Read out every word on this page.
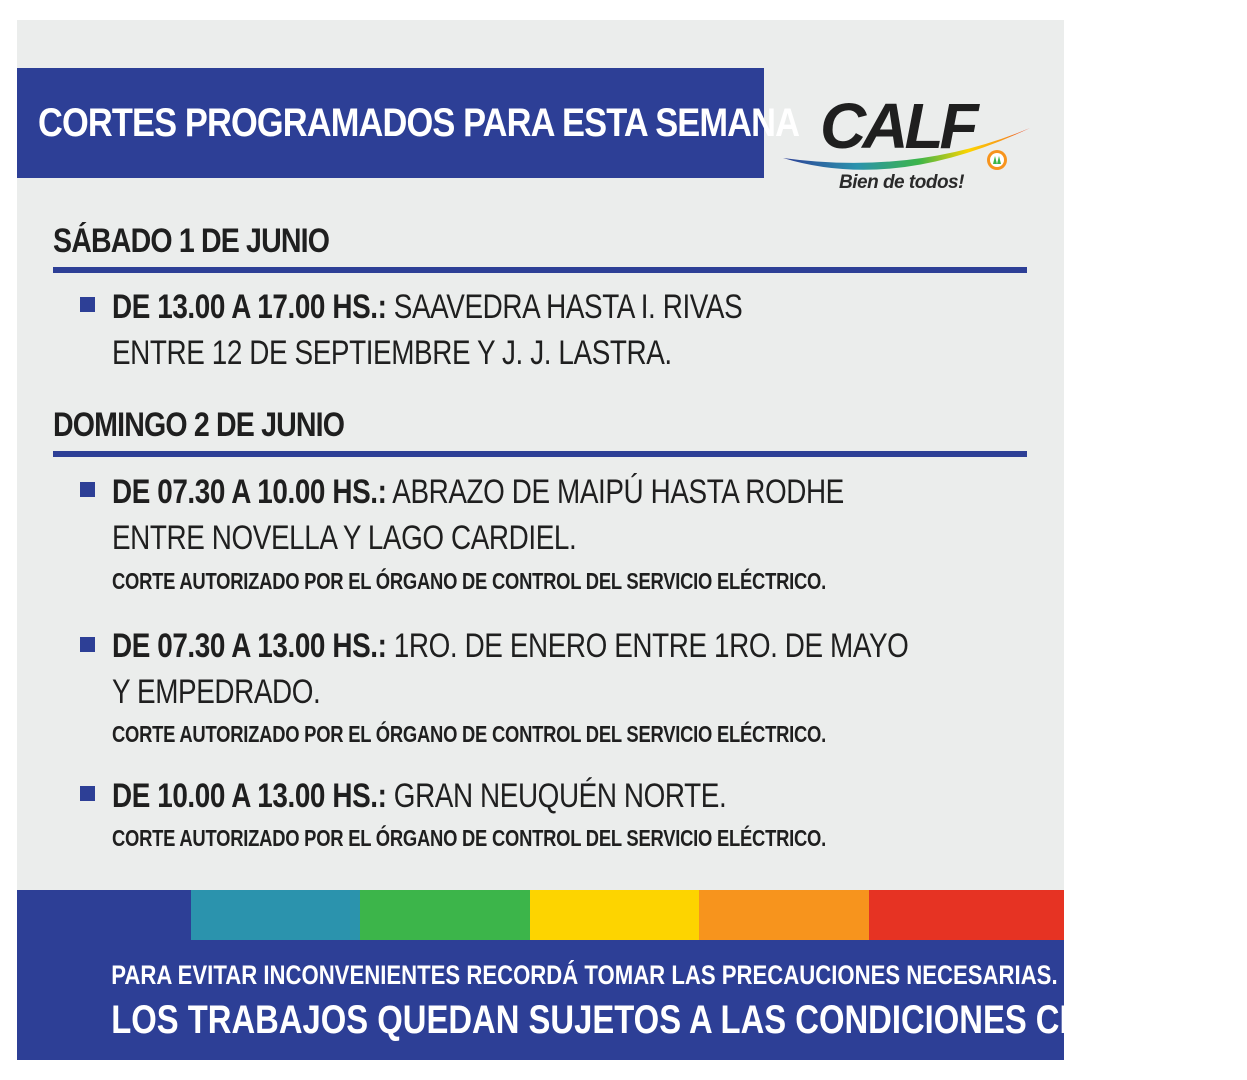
CORTES PROGRAMADOS PARA ESTA SEMANA CALF
Bien de todos!
SÁBADO 1 DE JUNIO
DE 13.00 A 17.00 HS.: SAAVEDRA HASTA I. RIVAS
ENTRE 12 DE SEPTIEMBRE Y J. J. LASTRA.
DOMINGO 2 DE JUNIO
DE 07.30 A 10.00 HS.: ABRAZO DE MAIPÚ HASTA RODHE
ENTRE NOVELLA Y LAGO CARDIEL.
CORTE AUTORIZADO POR EL ÓRGANO DE CONTROL DEL SERVICIO ELÉCTRICO.
DE 07.30 A 13.00 HS.: 1RO. DE ENERO ENTRE 1RO. DE MAYO
Y EMPEDRADO.
CORTE AUTORIZADO POR EL ÓRGANO DE CONTROL DEL SERVICIO ELÉCTRICO.
DE 10.00 A 13.00 HS.: GRAN NEUQUÉN NORTE.
CORTE AUTORIZADO POR EL ÓRGANO DE CONTROL DEL SERVICIO ELÉCTRICO.
PARA EVITAR INCONVENIENTES RECORDÁ TOMAR LAS PRECAUCIONES NECESARIAS.
LOS TRABAJOS QUEDAN SUJETOS A LAS CONDICIONES CLIMÁTICAS.
